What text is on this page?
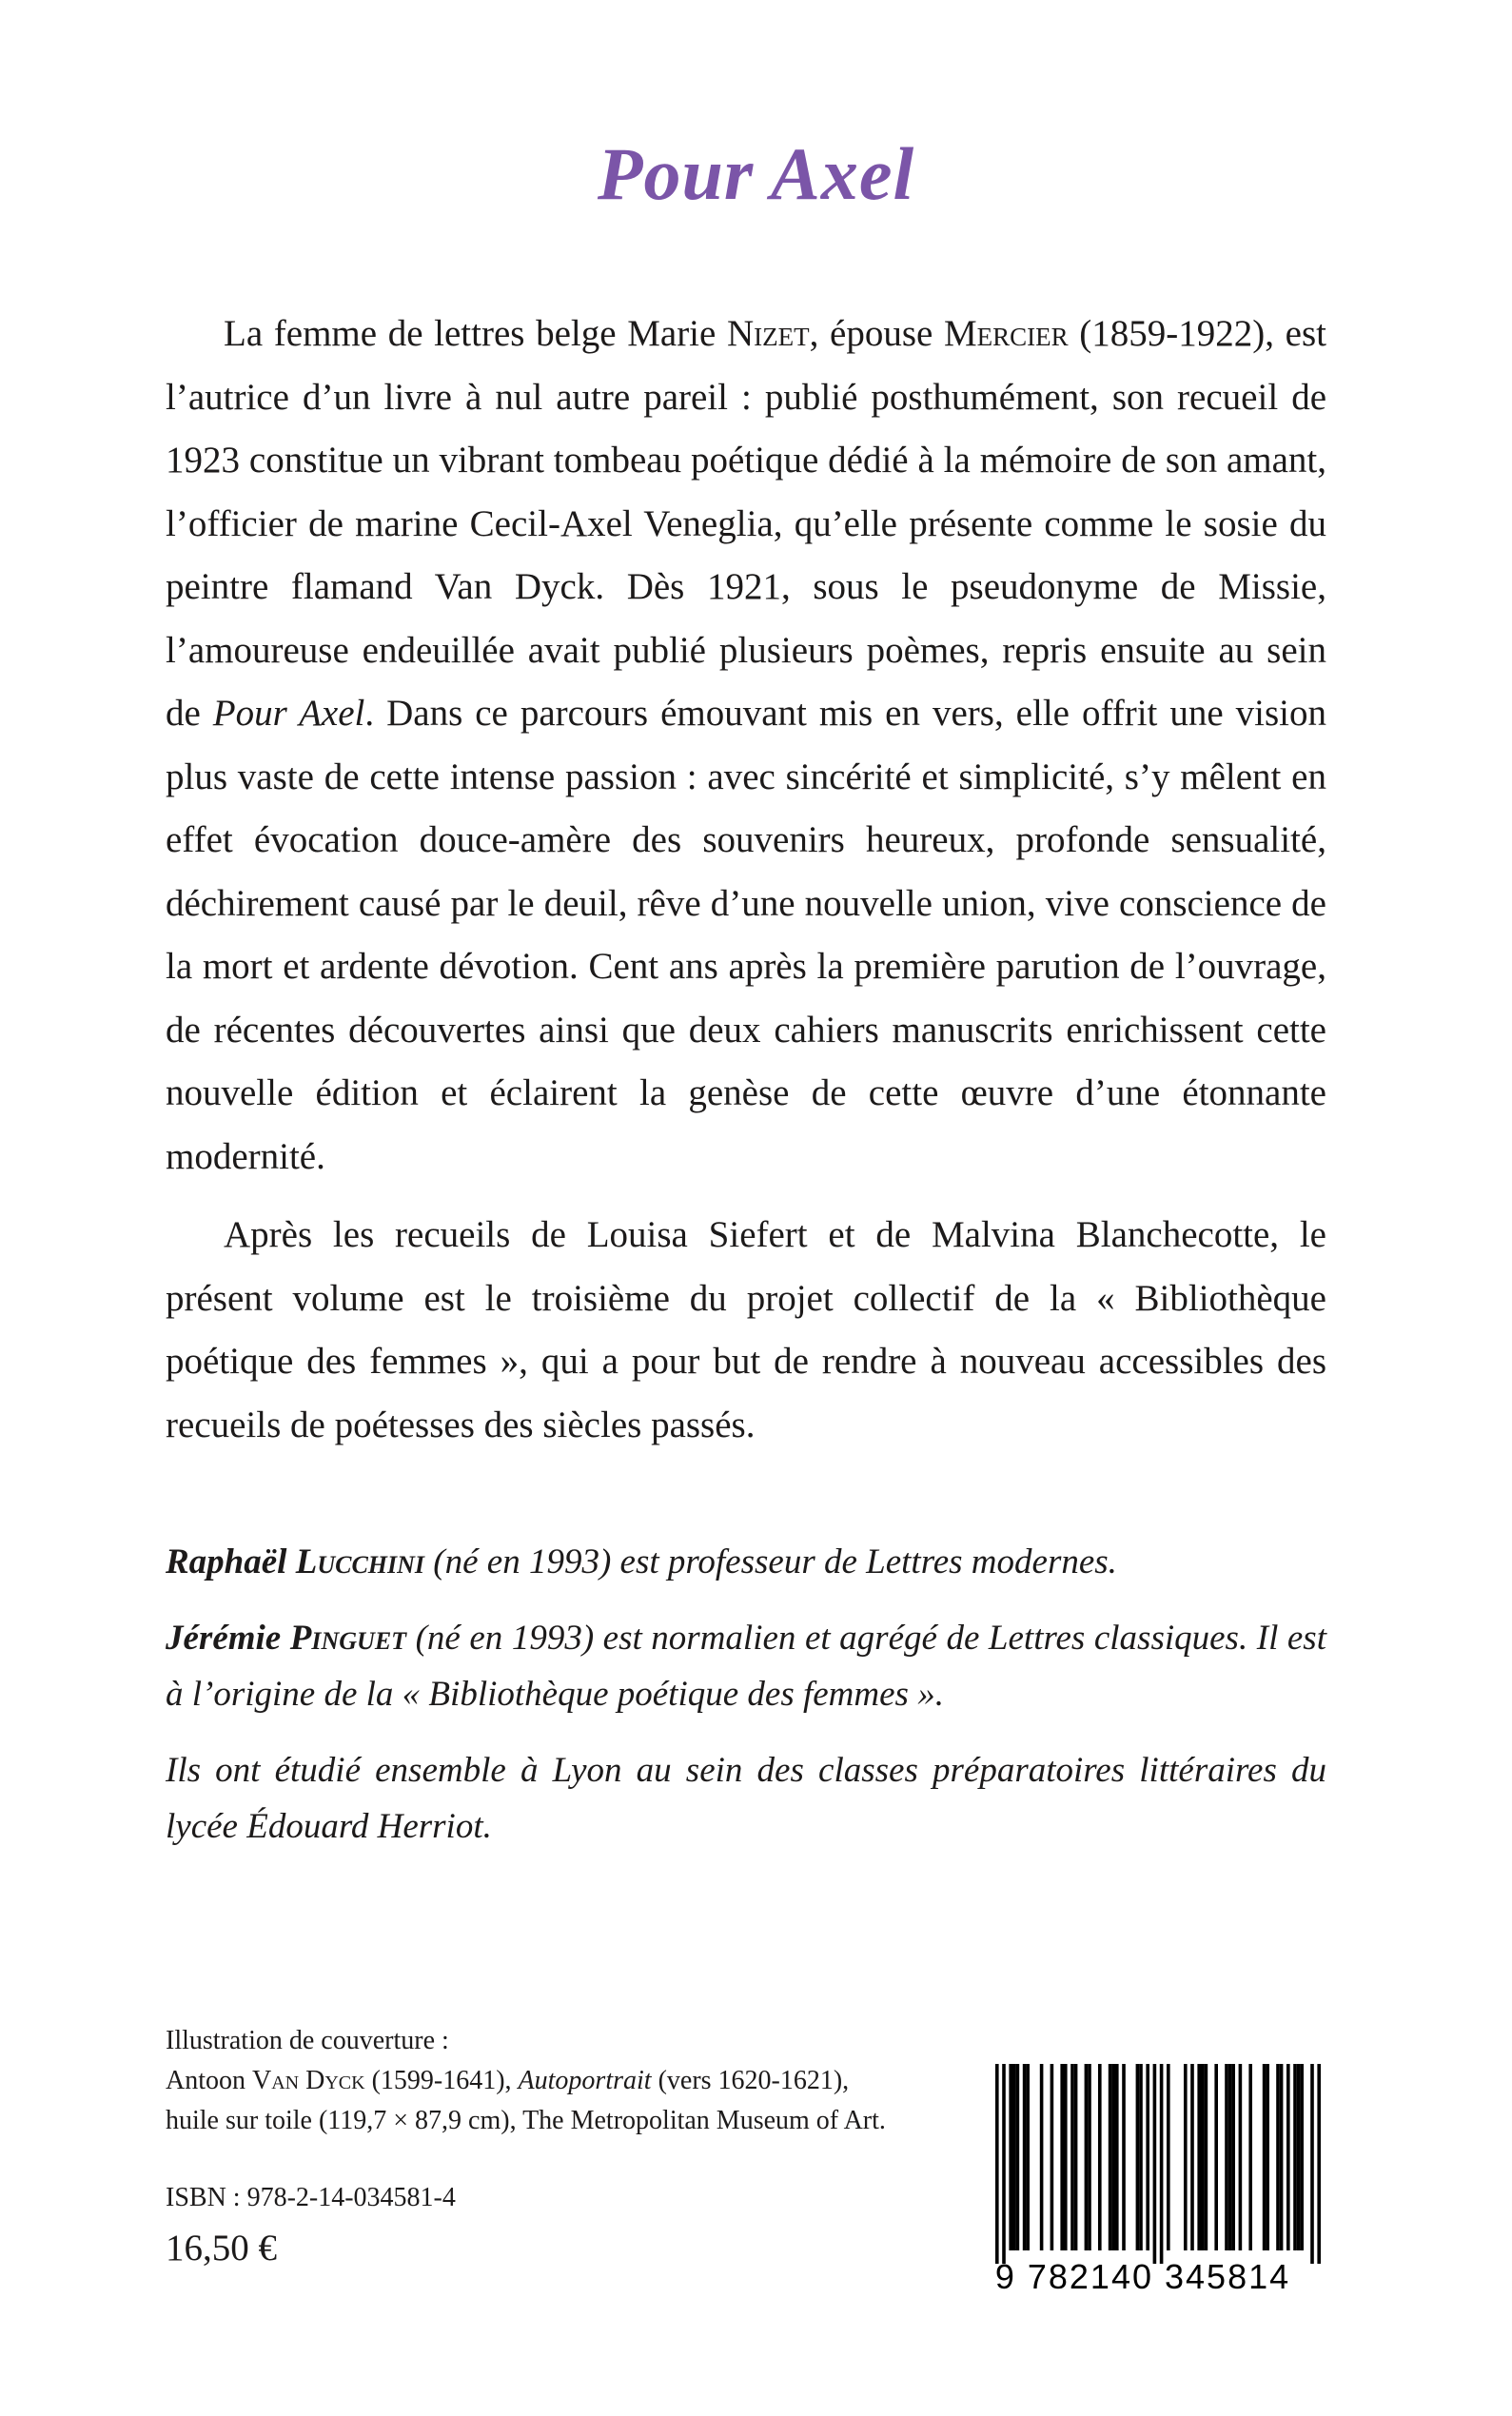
Pour Axel

La femme de lettres belge Marie Nizet, épouse Mercier (1859-1922), est l’autrice d’un livre à nul autre pareil : publié posthumément, son recueil de 1923 constitue un vibrant tombeau poétique dédié à la mémoire de son amant, l’officier de marine Cecil-Axel Veneglia, qu’elle présente comme le sosie du peintre flamand Van Dyck. Dès 1921, sous le pseudonyme de Missie, l’amoureuse endeuillée avait publié plusieurs poèmes, repris ensuite au sein de Pour Axel. Dans ce parcours émouvant mis en vers, elle offrit une vision plus vaste de cette intense passion : avec sincérité et simplicité, s’y mêlent en effet évocation douce-amère des souvenirs heureux, profonde sensualité, déchirement causé par le deuil, rêve d’une nouvelle union, vive conscience de la mort et ardente dévotion. Cent ans après la première parution de l’ouvrage, de récentes découvertes ainsi que deux cahiers manuscrits enrichissent cette nouvelle édition et éclairent la genèse de cette œuvre d’une étonnante modernité.

Après les recueils de Louisa Siefert et de Malvina Blanchecotte, le présent volume est le troisième du projet collectif de la « Bibliothèque poétique des femmes », qui a pour but de rendre à nouveau accessibles des recueils de poétesses des siècles passés.

Raphaël Lucchini (né en 1993) est professeur de Lettres modernes.

Jérémie Pinguet (né en 1993) est normalien et agrégé de Lettres classiques. Il est à l’origine de la « Bibliothèque poétique des femmes ».

Ils ont étudié ensemble à Lyon au sein des classes préparatoires littéraires du lycée Édouard Herriot.

Illustration de couverture :

Antoon Van Dyck (1599-1641), Autoportrait (vers 1620-1621),

huile sur toile (119,7 × 87,9 cm), The Metropolitan Museum of Art.

ISBN : 978-2-14-034581-4

16,50 €

9 782140 345814
